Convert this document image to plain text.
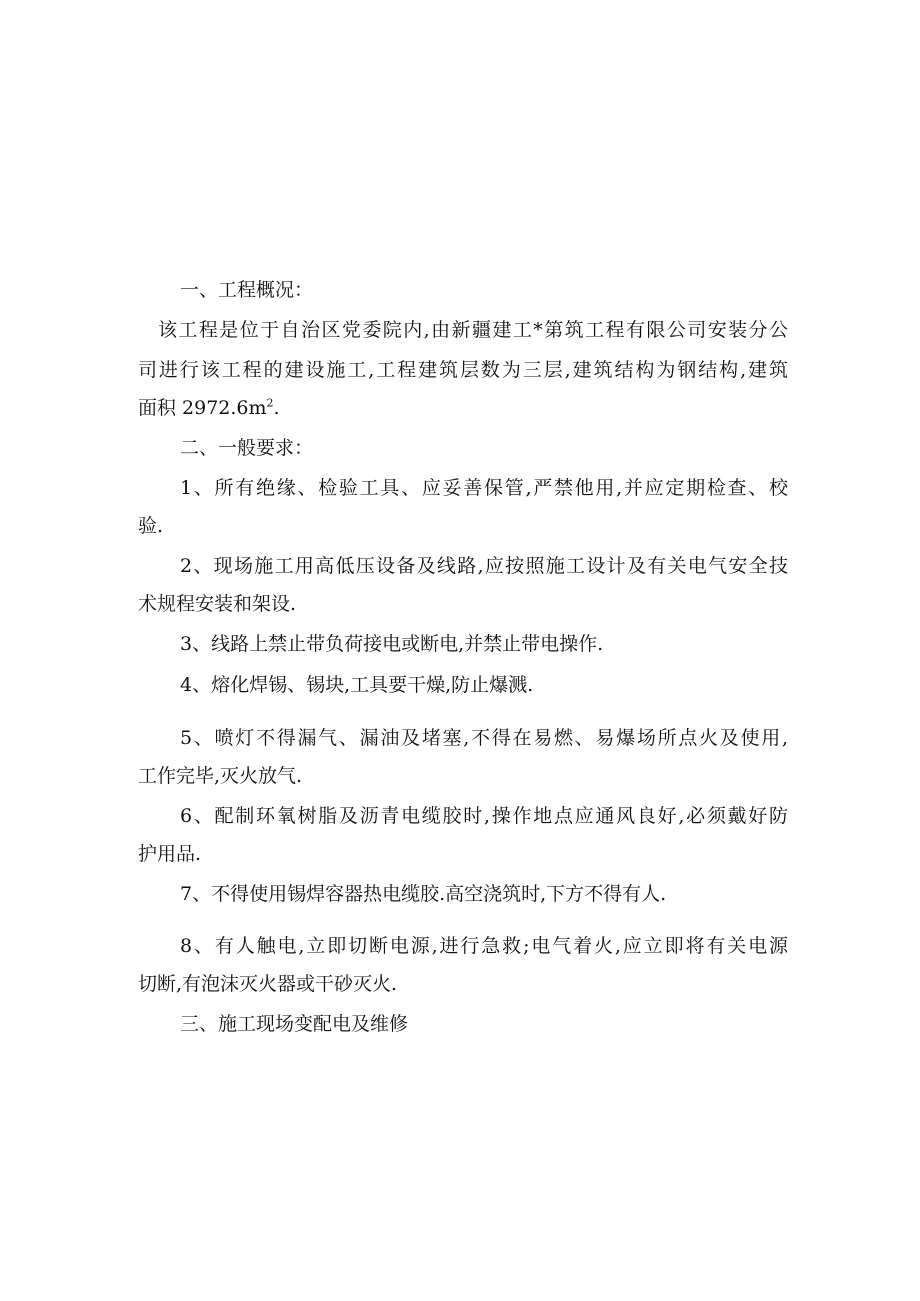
一、工程概况：
该工程是位于自治区党委院内,由新疆建工*第筑工程有限公司安装分公
司进行该工程的建设施工,工程建筑层数为三层,建筑结构为钢结构,建筑
面积 $2972.6m^2$.
二、一般要求：
1、所有绝缘、检验工具、应妥善保管,严禁他用,并应定期检查、校
验.
2、现场施工用高低压设备及线路,应按照施工设计及有关电气安全技
术规程安装和架设.
3、线路上禁止带负荷接电或断电,并禁止带电操作.
4、熔化焊锡、锡块,工具要干燥,防止爆溅.
5、喷灯不得漏气、漏油及堵塞,不得在易燃、易爆场所点火及使用,
工作完毕,灭火放气.
6、配制环氧树脂及沥青电缆胶时,操作地点应通风良好,必须戴好防
护用品.
7、不得使用锡焊容器热电缆胶.高空浇筑时,下方不得有人.
8、有人触电,立即切断电源,进行急救;电气着火,应立即将有关电源
切断,有泡沫灭火器或干砂灭火.
三、施工现场变配电及维修
